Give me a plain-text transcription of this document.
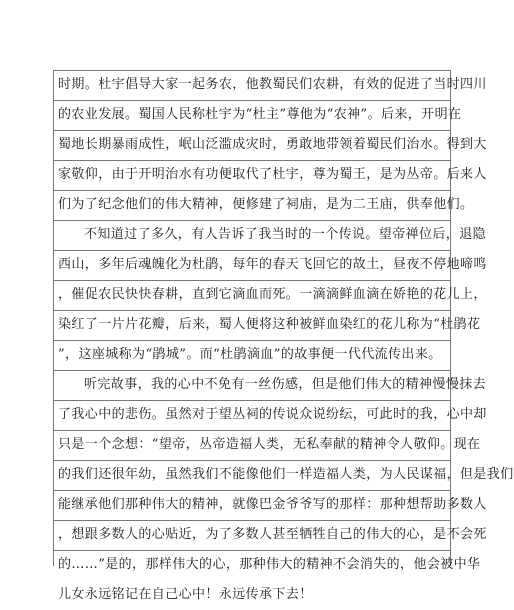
时期。杜宇倡导大家一起务农，他教蜀民们农耕，有效的促进了当时四川
的农业发展。蜀国人民称杜宇为“杜主”尊他为“农神”。后来，开明在
蜀地长期暴雨成性，岷山泛滥成灾时，勇敢地带领着蜀民们治水。得到大
家敬仰，由于开明治水有功便取代了杜宇，尊为蜀王，是为丛帝。后来人
们为了纪念他们的伟大精神，便修建了祠庙，是为二王庙，供奉他们。
不知道过了多久，有人告诉了我当时的一个传说。望帝禅位后，退隐
西山，多年后魂魄化为杜鹃，每年的春天飞回它的故土，昼夜不停地啼鸣
，催促农民快快春耕，直到它滴血而死。一滴滴鲜血滴在娇艳的花儿上，
染红了一片片花瓣，后来，蜀人便将这种被鲜血染红的花儿称为“杜鹃花
”，这座城称为“鹃城”。而“杜鹃滴血”的故事便一代代流传出来。
听完故事，我的心中不免有一丝伤感，但是他们伟大的精神慢慢抹去
了我心中的悲伤。虽然对于望丛祠的传说众说纷纭，可此时的我，心中却
只是一个念想：“望帝，丛帝造福人类，无私奉献的精神令人敬仰。现在
的我们还很年幼，虽然我们不能像他们一样造福人类，为人民谋福，但是我们
能继承他们那种伟大的精神，就像巴金爷爷写的那样：那种想帮助多数人
，想跟多数人的心贴近，为了多数人甚至牺牲自己的伟大的心，是不会死
的……”是的，那样伟大的心，那种伟大的精神不会消失的，他会被中华
儿女永远铭记在自己心中！永远传承下去！
